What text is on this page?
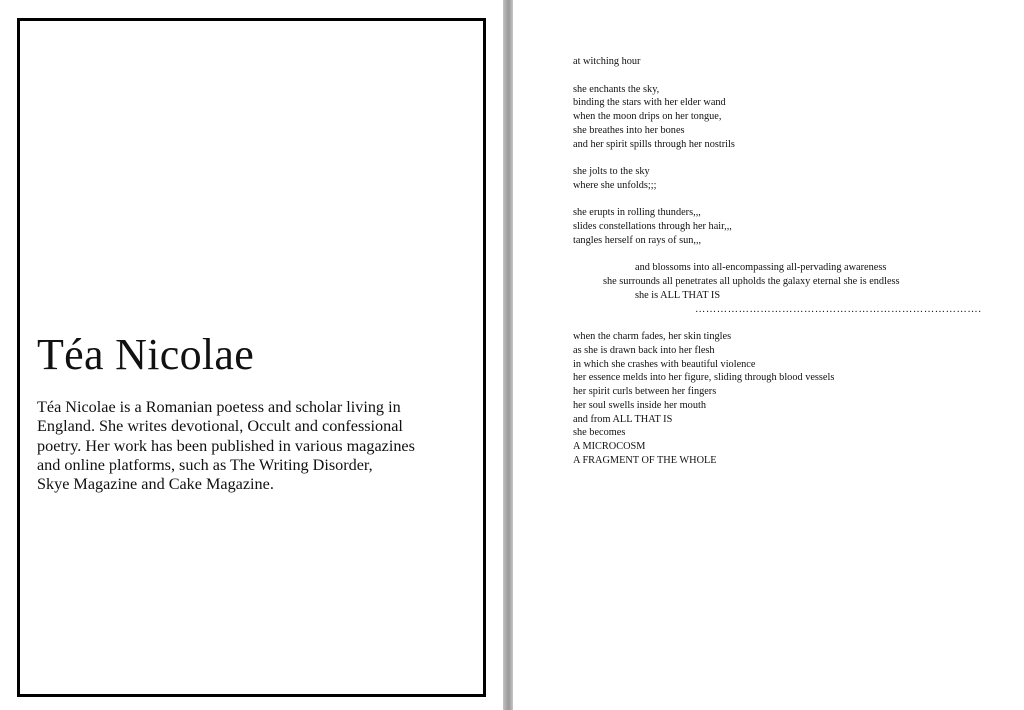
Téa Nicolae

Téa Nicolae is a Romanian poetess and scholar living in
England. She writes devotional, Occult and confessional
poetry. Her work has been published in various magazines
and online platforms, such as The Writing Disorder,
Skye Magazine and Cake Magazine.

at witching hour
she enchants the sky,
binding the stars with her elder wand
when the moon drips on her tongue,
she breathes into her bones
and her spirit spills through her nostrils
she jolts to the sky
where she unfolds;;;
she erupts in rolling thunders,,,
slides constellations through her hair,,,
tangles herself on rays of sun,,,
and blossoms into all-encompassing all-pervading awareness
she surrounds all penetrates all upholds the galaxy eternal she is endless
she is ALL THAT IS
…………………………………………………………………….
when the charm fades, her skin tingles
as she is drawn back into her flesh
in which she crashes with beautiful violence
her essence melds into her figure, sliding through blood vessels
her spirit curls between her fingers
her soul swells inside her mouth
and from ALL THAT IS
she becomes
A MICROCOSM
A FRAGMENT OF THE WHOLE
